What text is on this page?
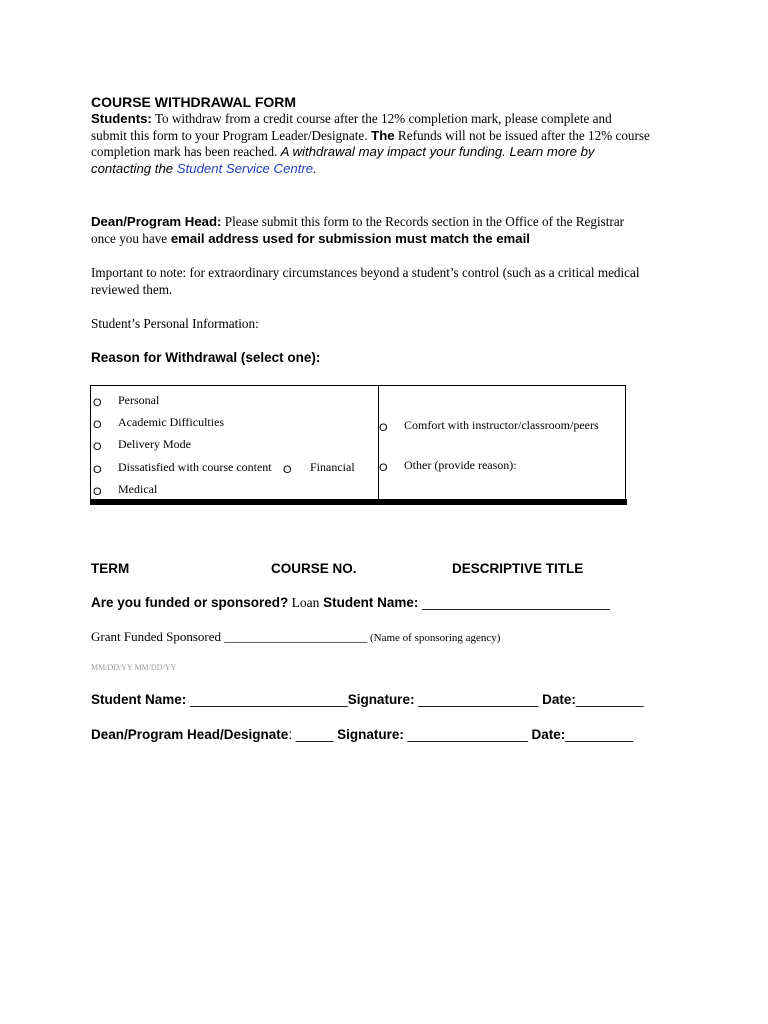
COURSE WITHDRAWAL FORM
Students: To withdraw from a credit course after the 12% completion mark, please complete and
submit this form to your Program Leader/Designate. The Refunds will not be issued after the 12% course
completion mark has been reached. A withdrawal may impact your funding. Learn more by
contacting the Student Service Centre.
Dean/Program Head: Please submit this form to the Records section in the Office of the Registrar
once you have email address used for submission must match the email
Important to note: for extraordinary circumstances beyond a student’s control (such as a critical medical
reviewed them.
Student’s Personal Information:
Reason for Withdrawal (select one):
O Personal
O Academic Difficulties
O Delivery Mode
O Dissatisfied with course content O Financial
O Medical
O Comfort with instructor/classroom/peers
O Other (provide reason):
TERM	COURSE NO.	DESCRIPTIVE TITLE
Are you funded or sponsored? Loan Student Name: _________________________
Grant Funded Sponsored ______________________ (Name of sponsoring agency)
MM/DD/YY MM/DD/YY
Student Name: _____________________Signature: ________________ Date:_________
Dean/Program Head/Designate: _____ Signature: ________________ Date:_________
